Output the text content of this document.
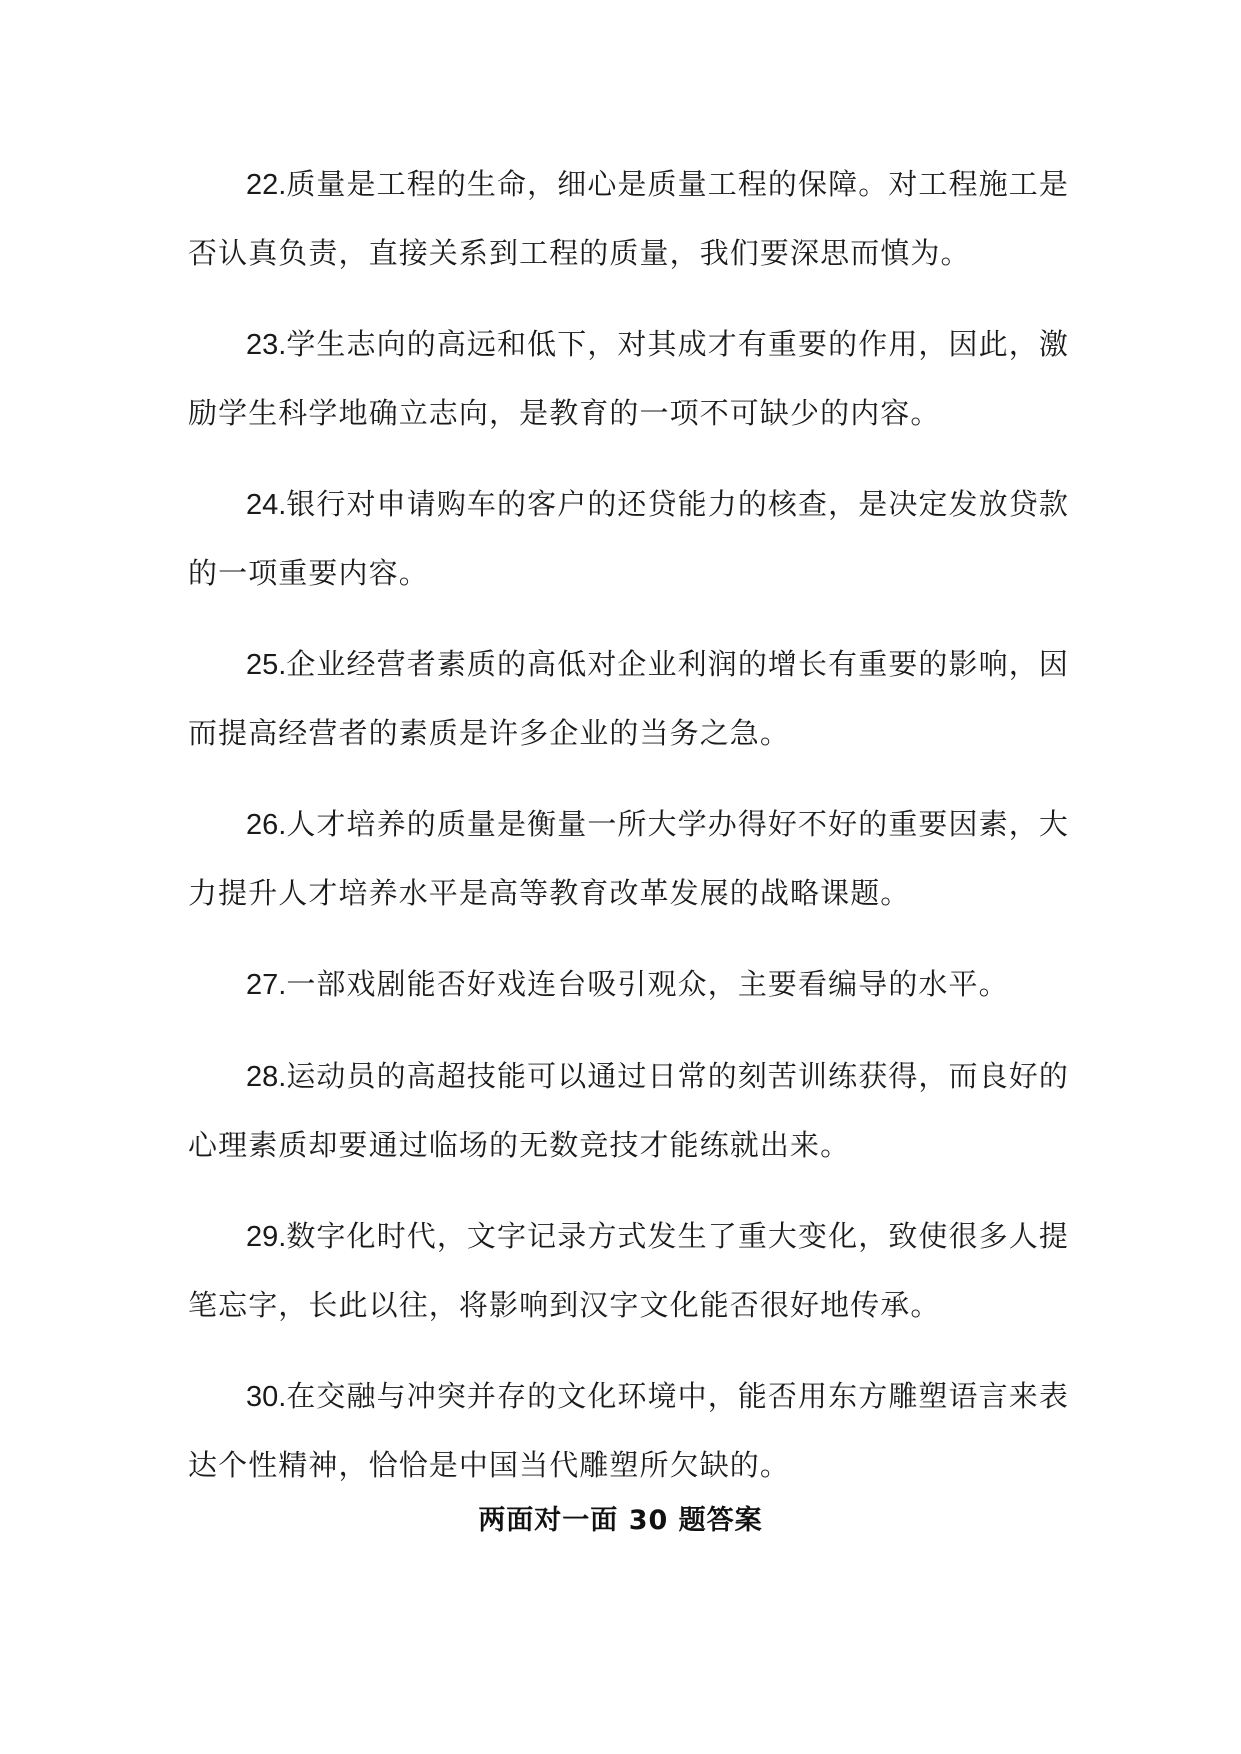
22.质量是工程的生命，细心是质量工程的保障。对工程施工是
否认真负责，直接关系到工程的质量，我们要深思而慎为。
23.学生志向的高远和低下，对其成才有重要的作用，因此，激
励学生科学地确立志向，是教育的一项不可缺少的内容。
24.银行对申请购车的客户的还贷能力的核查，是决定发放贷款
的一项重要内容。
25.企业经营者素质的高低对企业利润的增长有重要的影响，因
而提高经营者的素质是许多企业的当务之急。
26.人才培养的质量是衡量一所大学办得好不好的重要因素，大
力提升人才培养水平是高等教育改革发展的战略课题。
27.一部戏剧能否好戏连台吸引观众，主要看编导的水平。
28.运动员的高超技能可以通过日常的刻苦训练获得，而良好的
心理素质却要通过临场的无数竞技才能练就出来。
29.数字化时代，文字记录方式发生了重大变化，致使很多人提
笔忘字，长此以往，将影响到汉字文化能否很好地传承。
30.在交融与冲突并存的文化环境中，能否用东方雕塑语言来表
达个性精神，恰恰是中国当代雕塑所欠缺的。
两面对一面 30 题答案
